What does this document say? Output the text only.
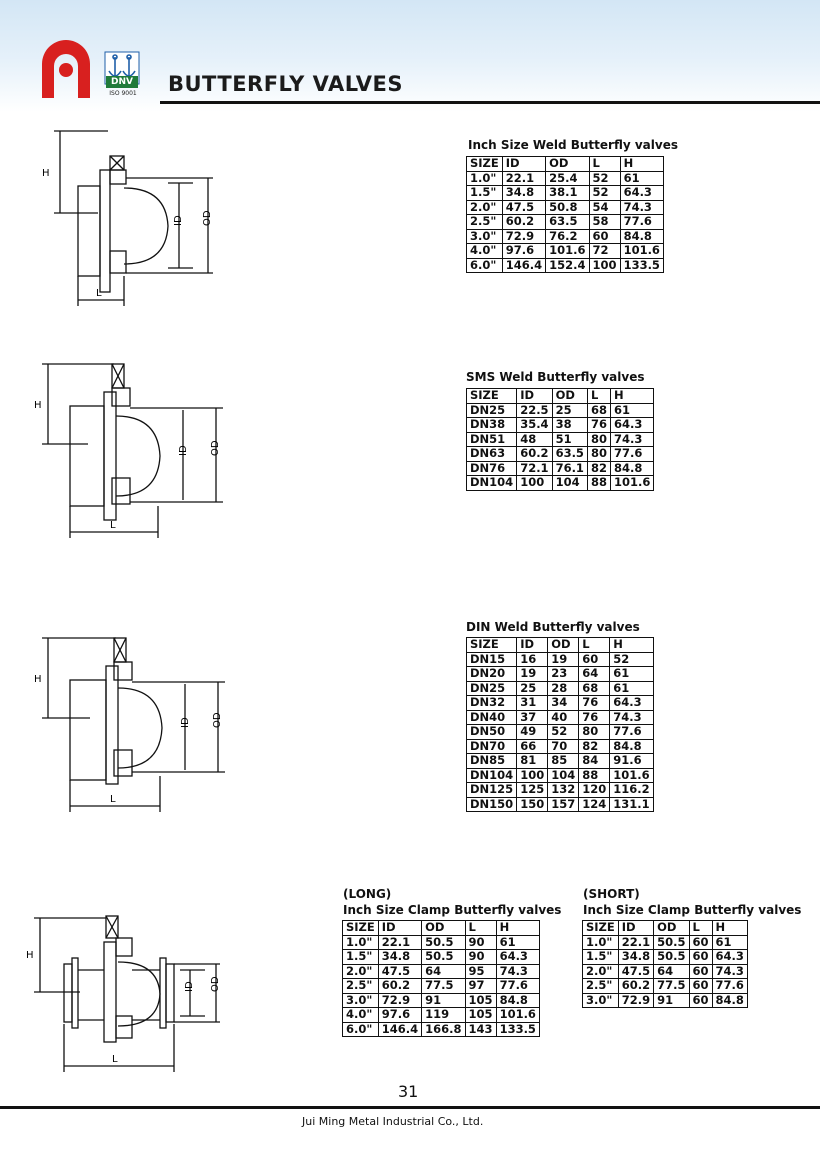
DNV
ISO 9001 BUTTERFLY VALVES
H
L
ID OD
Inch Size Weld Butterfly valves
SIZE	ID	OD	L	H
1.0"	22.1	25.4	52	61
1.5"	34.8	38.1	52	64.3
2.0"	47.5	50.8	54	74.3
2.5"	60.2	63.5	58	77.6
3.0"	72.9	76.2	60	84.8
4.0"	97.6	101.6	72	101.6
6.0"	146.4	152.4	100	133.5
H
L
ID OD
SMS Weld Butterfly valves
SIZE	ID	OD	L	H
DN25	22.5	25	68	61
DN38	35.4	38	76	64.3
DN51	48	51	80	74.3
DN63	60.2	63.5	80	77.6
DN76	72.1	76.1	82	84.8
DN104	100	104	88	101.6
H
L
ID OD
DIN Weld Butterfly valves
SIZE	ID	OD	L	H
DN15	16	19	60	52
DN20	19	23	64	61
DN25	25	28	68	61
DN32	31	34	76	64.3
DN40	37	40	76	74.3
DN50	49	52	80	77.6
DN70	66	70	82	84.8
DN85	81	85	84	91.6
DN104	100	104	88	101.6
DN125	125	132	120	116.2
DN150	150	157	124	131.1
H
L
ID OD
(LONG)
Inch Size Clamp Butterfly valves
SIZE	ID	OD	L	H
1.0"	22.1	50.5	90	61
1.5"	34.8	50.5	90	64.3
2.0"	47.5	64	95	74.3
2.5"	60.2	77.5	97	77.6
3.0"	72.9	91	105	84.8
4.0"	97.6	119	105	101.6
6.0"	146.4	166.8	143	133.5
(SHORT)
Inch Size Clamp Butterfly valves
SIZE	ID	OD	L	H
1.0"	22.1	50.5	60	61
1.5"	34.8	50.5	60	64.3
2.0"	47.5	64	60	74.3
2.5"	60.2	77.5	60	77.6
3.0"	72.9	91	60	84.8
31
Jui Ming Metal Industrial Co., Ltd.
